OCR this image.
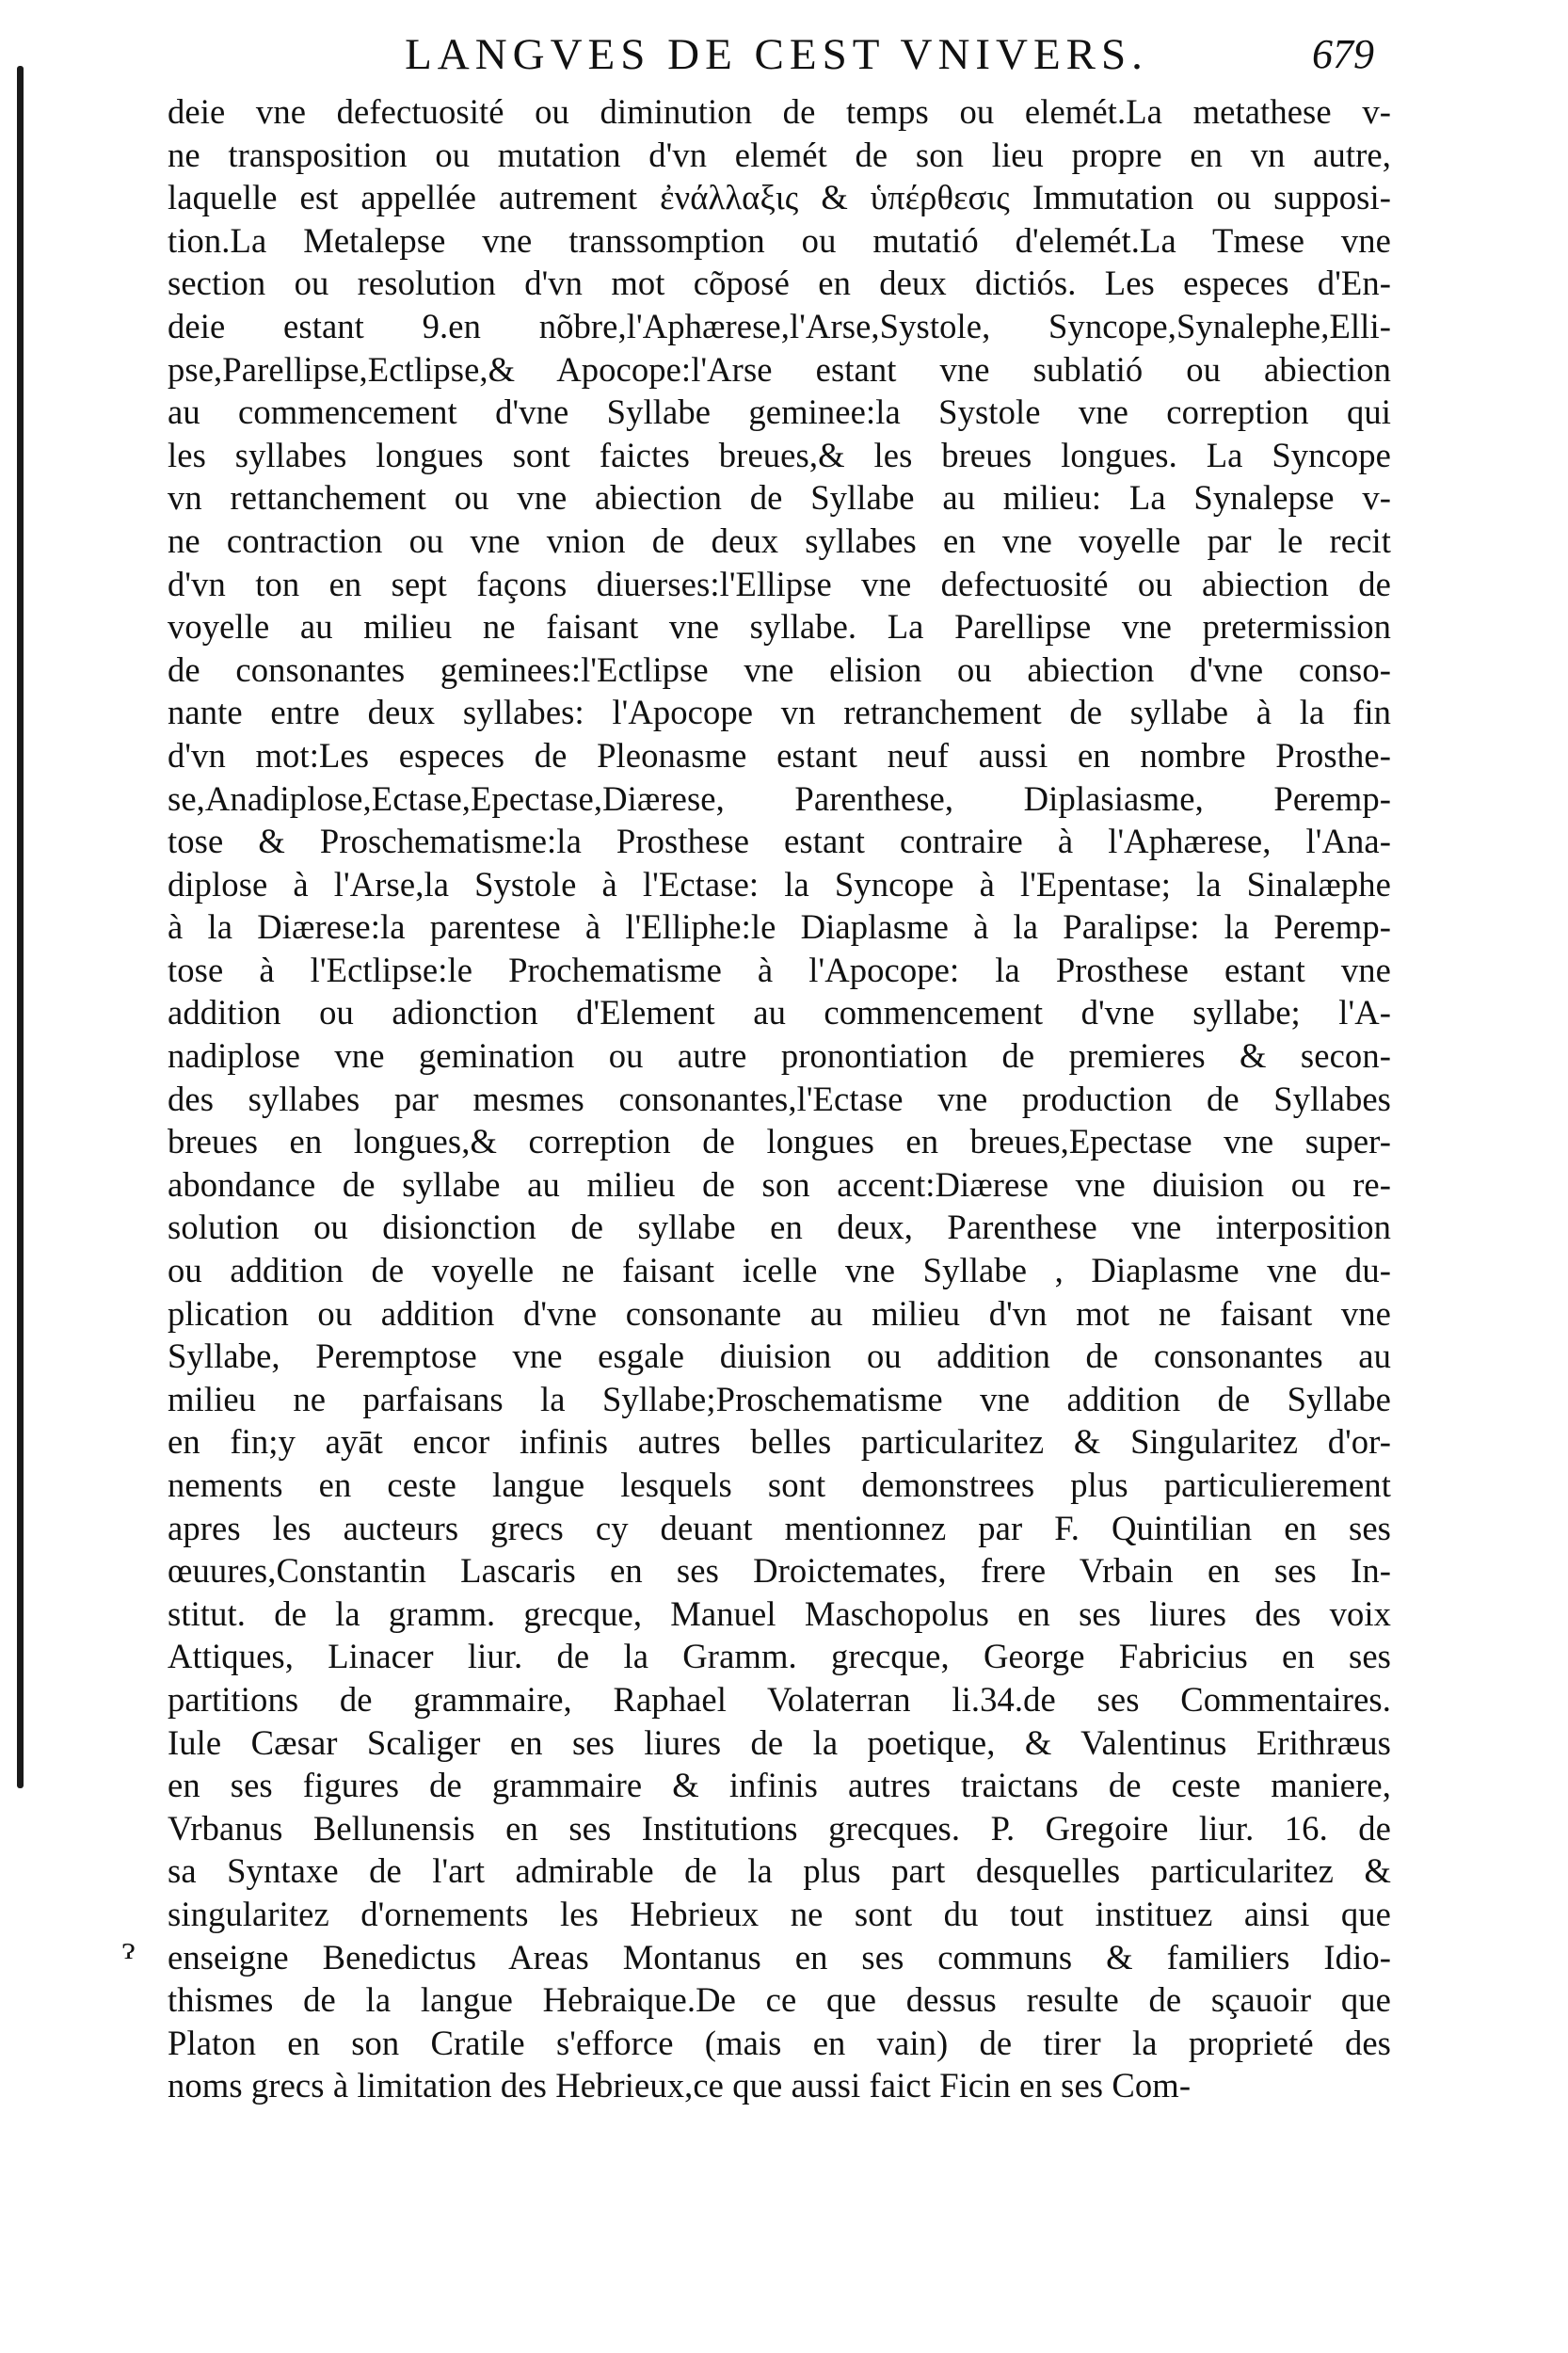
LANGVES DE CEST VNIVERS.	679
ɂ
deie vne defectuosité ou diminution de temps ou elemét.La metathese v-
ne transposition ou mutation d'vn elemét de son lieu propre en vn autre,
laquelle est appellée autrement ἐνάλλαξις & ὑπέρθεσις Immutation ou supposi-
tion.La Metalepse vne transsomption ou mutatió d'elemét.La Tmese vne
section ou resolution d'vn mot cõposé en deux dictiós. Les especes d'En-
deie estant 9.en nõbre,l'Aphærese,l'Arse,Systole, Syncope,Synalephe,Elli-
pse,Parellipse,Ectlipse,& Apocope:l'Arse estant vne sublatió ou abiection
au commencement d'vne Syllabe geminee:la Systole vne correption qui
les syllabes longues sont faictes breues,& les breues longues. La Syncope
vn rettanchement ou vne abiection de Syllabe au milieu: La Synalepse v-
ne contraction ou vne vnion de deux syllabes en vne voyelle par le recit
d'vn ton en sept façons diuerses:l'Ellipse vne defectuosité ou abiection de
voyelle au milieu ne faisant vne syllabe. La Parellipse vne pretermission
de consonantes geminees:l'Ectlipse vne elision ou abiection d'vne conso-
nante entre deux syllabes: l'Apocope vn retranchement de syllabe à la fin
d'vn mot:Les especes de Pleonasme estant neuf aussi en nombre Prosthe-
se,Anadiplose,Ectase,Epectase,Diærese, Parenthese, Diplasiasme, Peremp-
tose & Proschematisme:la Prosthese estant contraire à l'Aphærese, l'Ana-
diplose à l'Arse,la Systole à l'Ectase: la Syncope à l'Epentase; la Sinalæphe
à la Diærese:la parentese à l'Elliphe:le Diaplasme à la Paralipse: la Peremp-
tose à l'Ectlipse:le Prochematisme à l'Apocope: la Prosthese estant vne
addition ou adionction d'Element au commencement d'vne syllabe; l'A-
nadiplose vne gemination ou autre pronontiation de premieres & secon-
des syllabes par mesmes consonantes,l'Ectase vne production de Syllabes
breues en longues,& correption de longues en breues,Epectase vne super-
abondance de syllabe au milieu de son accent:Diærese vne diuision ou re-
solution ou disionction de syllabe en deux, Parenthese vne interposition
ou addition de voyelle ne faisant icelle vne Syllabe , Diaplasme vne du-
plication ou addition d'vne consonante au milieu d'vn mot ne faisant vne
Syllabe, Peremptose vne esgale diuision ou addition de consonantes au
milieu ne parfaisans la Syllabe;Proschematisme vne addition de Syllabe
en fin;y ayāt encor infinis autres belles particularitez & Singularitez d'or-
nements en ceste langue lesquels sont demonstrees plus particulierement
apres les aucteurs grecs cy deuant mentionnez par F. Quintilian en ses
œuures,Constantin Lascaris en ses Droictemates, frere Vrbain en ses In-
stitut. de la gramm. grecque, Manuel Maschopolus en ses liures des voix
Attiques, Linacer liur. de la Gramm. grecque, George Fabricius en ses
partitions de grammaire, Raphael Volaterran li.34.de ses Commentaires.
Iule Cæsar Scaliger en ses liures de la poetique, & Valentinus Erithræus
en ses figures de grammaire & infinis autres traictans de ceste maniere,
Vrbanus Bellunensis en ses Institutions grecques. P. Gregoire liur. 16. de
sa Syntaxe de l'art admirable de la plus part desquelles particularitez &
singularitez d'ornements les Hebrieux ne sont du tout instituez ainsi que
enseigne Benedictus Areas Montanus en ses communs & familiers Idio-
thismes de la langue Hebraique.De ce que dessus resulte de sçauoir que
Platon en son Cratile s'efforce (mais en vain) de tirer la proprieté des
noms grecs à limitation des Hebrieux,ce que aussi faict Ficin en ses Com-
